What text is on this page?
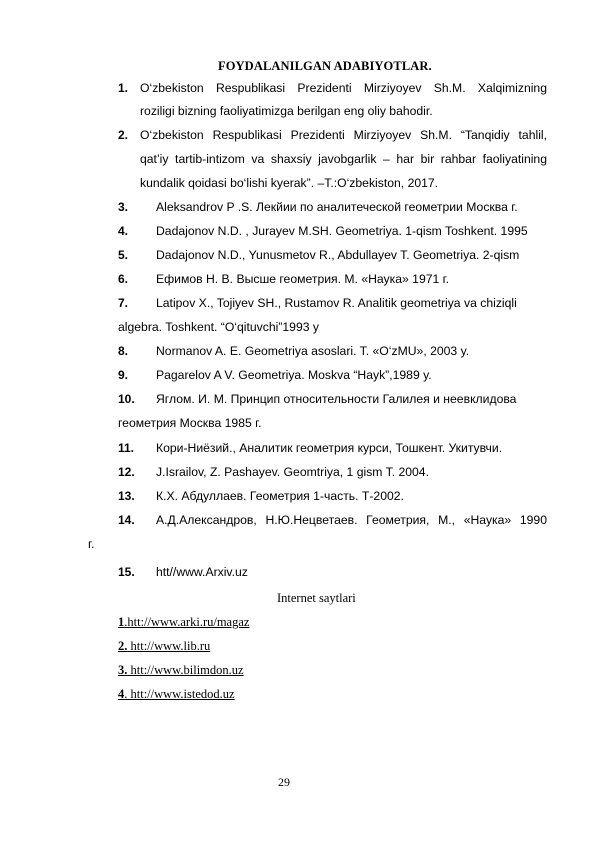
FOYDALANILGAN ADABIYOTLAR.
1. O‘zbekiston Respublikasi Prezidenti Mirziyoyev Sh.M. Xalqimizning
roziligi bizning faoliyatimizga berilgan eng oliy bahodir.
2. O‘zbekiston Respublikasi Prezidenti Mirziyoyev Sh.M. “Tanqidiy tahlil,
qat’iy tartib-intizom va shaxsiy javobgarlik – har bir rahbar faoliyatining
kundalik qoidasi bo‘lishi kyerak”. –T.:O‘zbekiston, 2017.
3. Aleksandrov P .S. Лекйии по аналитеческой геометрии Москва г.
4. Dadajonov N.D. , Jurayev M.SH. Geometriya. 1-qism Toshkent. 1995
5. Dadajonov N.D., Yunusmetov R., Abdullayev T. Geometriya. 2-qism
6. Ефимов Н. В. Высше геометрия. М. «Наука» 1971 г.
7. Latipov X., Tojiyev SH., Rustamov R. Analitik geometriya va chiziqli
algebra. Toshkent. “O‘qituvchi”1993 y
8. Normanov A. E. Geometriya asoslari. T. «O‘zMU», 2003 y.
9. Pagarelov A V. Geometriya. Moskva “Hayk”,1989 y.
10. Яглом. И. М. Принцип относительности Галилея и неевклидова
геометрия Москва 1985 г.
11. Кори-Ниёзий., Аналитик геометрия курси, Тошкент. Укитувчи.
12. J.Israilov, Z. Pashayev. Geomtriya, 1 gism T. 2004.
13. К.Х. Абдуллаев. Геометрия 1-часть. Т-2002.
14. А.Д.Александров, Н.Ю.Нецветаев. Геометрия, М., «Наука» 1990
г.
15. htt//www.Arxiv.uz
Internet saytlari
1.htt://www.arki.ru/magaz
2. htt://www.lib.ru
3. htt://www.bilimdon.uz
4. htt://www.istedod.uz
29
